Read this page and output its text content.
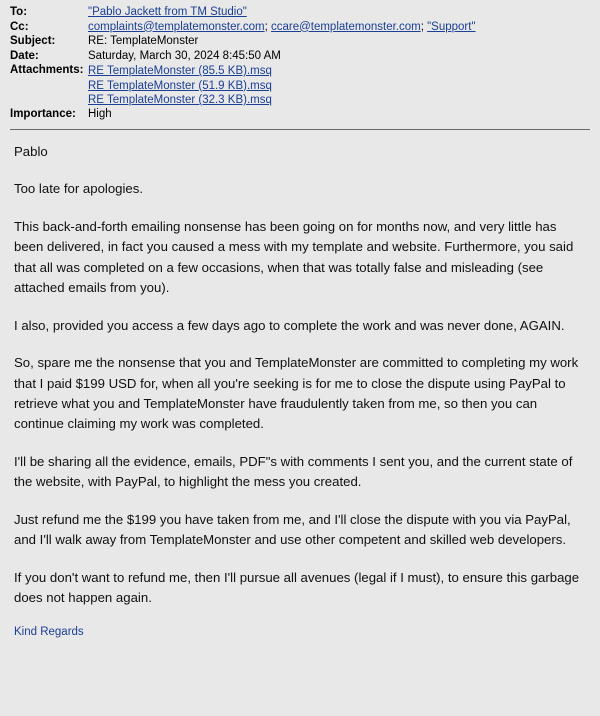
To:	"Pablo Jackett from TM Studio"
Cc:	complaints@templatemonster.com; ccare@templatemonster.com; "Support"
Subject:	RE: TemplateMonster
Date:	Saturday, March 30, 2024 8:45:50 AM
Attachments:	RE TemplateMonster (85.5 KB).msq
RE TemplateMonster (51.9 KB).msq
RE TemplateMonster (32.3 KB).msq

Importance:	High

Pablo

Too late for apologies.

This back-and-forth emailing nonsense has been going on for months now, and very little has been delivered, in fact you caused a mess with my template and website. Furthermore, you said that all was completed on a few occasions, when that was totally false and misleading (see attached emails from you).

I also, provided you access a few days ago to complete the work and was never done, AGAIN.

So, spare me the nonsense that you and TemplateMonster are committed to completing my work that I paid $199 USD for, when all you're seeking is for me to close the dispute using PayPal to retrieve what you and TemplateMonster have fraudulently taken from me, so then you can continue claiming my work was completed.

I'll be sharing all the evidence, emails, PDF"s with comments I sent you, and the current state of the website, with PayPal, to highlight the mess you created.

Just refund me the $199 you have taken from me, and I'll close the dispute with you via PayPal, and I'll walk away from TemplateMonster and use other competent and skilled web developers.

If you don't want to refund me, then I'll pursue all avenues (legal if I must), to ensure this garbage does not happen again.

Kind Regards
